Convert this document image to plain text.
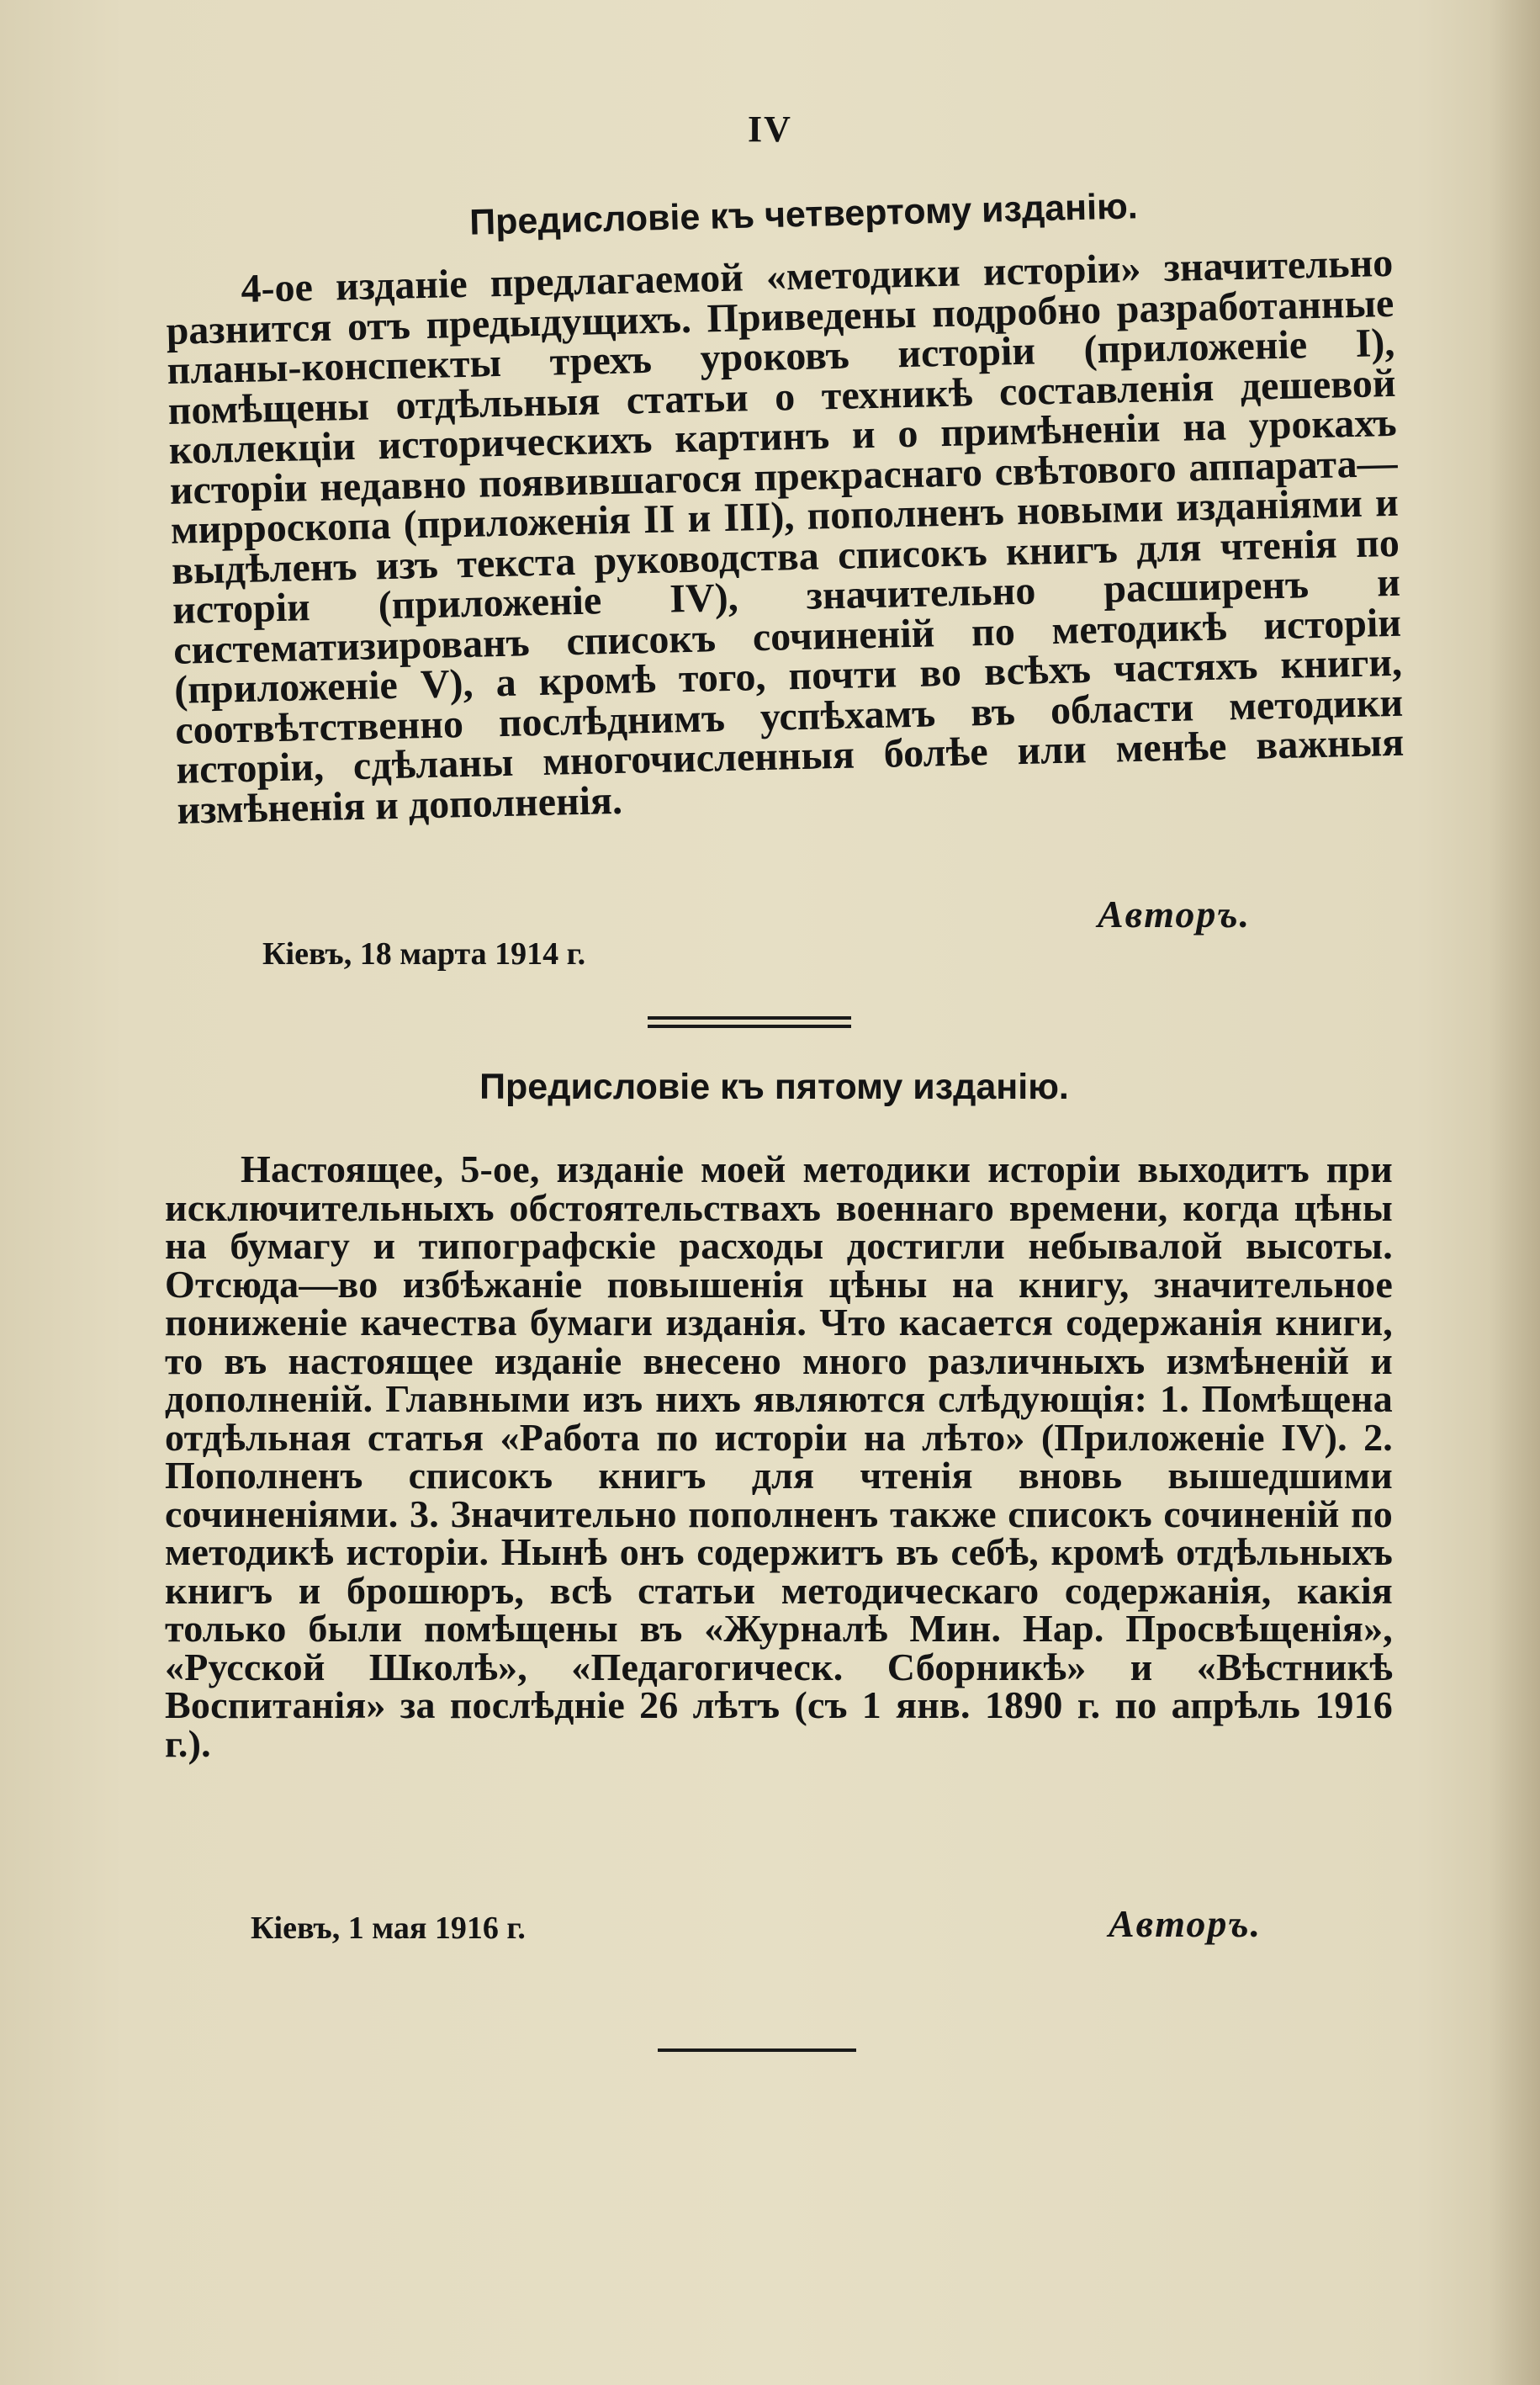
IV

Предисловіе къ четвертому изданію.

4-ое изданіе предлагаемой «методики исторіи» значительно разнится отъ предыдущихъ. Приведены подробно разработанные планы-конспекты трехъ уроковъ исторіи (приложеніе I), помѣщены отдѣльныя статьи о техникѣ составленія дешевой коллекціи историческихъ картинъ и о примѣненіи на урокахъ исторіи недавно появившагося прекраснаго свѣтового аппарата—мирроскопа (приложенія II и III), пополненъ новыми изданіями и выдѣленъ изъ текста руководства списокъ книгъ для чтенія по исторіи (приложеніе IV), значительно расширенъ и систематизированъ списокъ сочиненій по методикѣ исторіи (приложеніе V), а кромѣ того, почти во всѣхъ частяхъ книги, соотвѣтственно послѣднимъ успѣхамъ въ области методики исторіи, сдѣланы многочисленныя болѣе или менѣе важныя измѣненія и дополненія.

Авторъ.

Кіевъ, 18 марта 1914 г.

Предисловіе къ пятому изданію.

Настоящее, 5-ое, изданіе моей методики исторіи выходитъ при исключительныхъ обстоятельствахъ военнаго времени, когда цѣны на бумагу и типографскіе расходы достигли небывалой высоты. Отсюда—во избѣжаніе повышенія цѣны на книгу, значительное пониженіе качества бумаги изданія. Что касается содержанія книги, то въ настоящее изданіе внесено много различныхъ измѣненій и дополненій. Главными изъ нихъ являются слѣдующія: 1. Помѣщена отдѣльная статья «Работа по исторіи на лѣто» (Приложеніе IV). 2. Пополненъ списокъ книгъ для чтенія вновь вышедшими сочиненіями. 3. Значительно пополненъ также списокъ сочиненій по методикѣ исторіи. Нынѣ онъ содержитъ въ себѣ, кромѣ отдѣльныхъ книгъ и брошюръ, всѣ статьи методическаго содержанія, какія только были помѣщены въ «Журналѣ Мин. Нар. Просвѣщенія», «Русской Школѣ», «Педагогическ. Сборникѣ» и «Вѣстникѣ Воспитанія» за послѣдніе 26 лѣтъ (съ 1 янв. 1890 г. по апрѣль 1916 г.).

Кіевъ, 1 мая 1916 г.	Авторъ.
